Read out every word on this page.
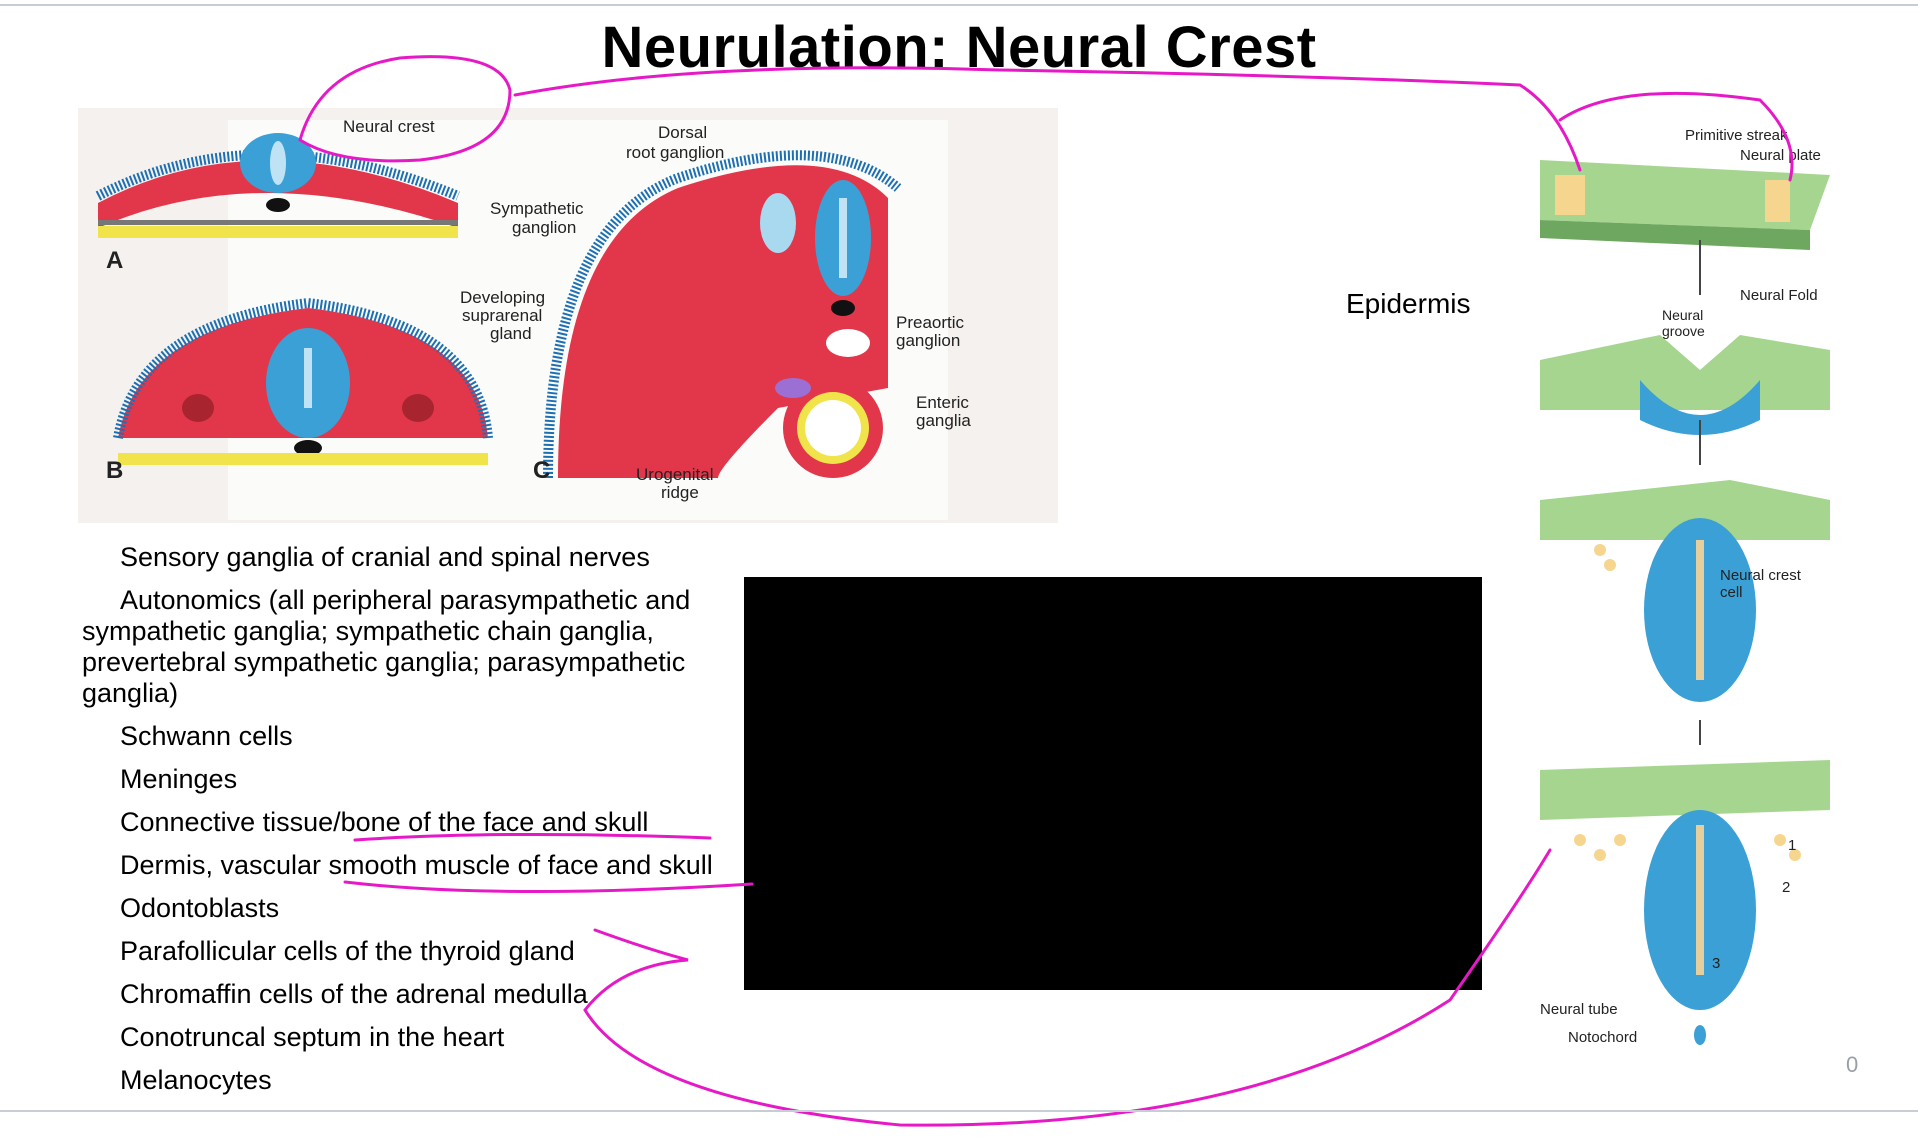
Neurulation: Neural Crest
A
B	C
Neural crest	Dorsal
root ganglion
Sympathetic
ganglion
Developing
suprarenal
gland
Preaortic
ganglion
Enteric
ganglia
Urogenital
ridge
Sensory ganglia of cranial and spinal nerves
Autonomics (all peripheral parasympathetic and sympathetic ganglia; sympathetic chain ganglia, prevertebral sympathetic ganglia; parasympathetic ganglia)
Schwann cells
Meninges
Connective tissue/bone of the face and skull
Dermis, vascular smooth muscle of face and skull
Odontoblasts
Parafollicular cells of the thyroid gland
Chromaffin cells of the adrenal medulla
Conotruncal septum in the heart
Melanocytes
Epidermis
Primitive streak
Neural plate
Neural Fold
Neural
groove
Neural crest
cell
1
2
3
Neural tube
Notochord
0
